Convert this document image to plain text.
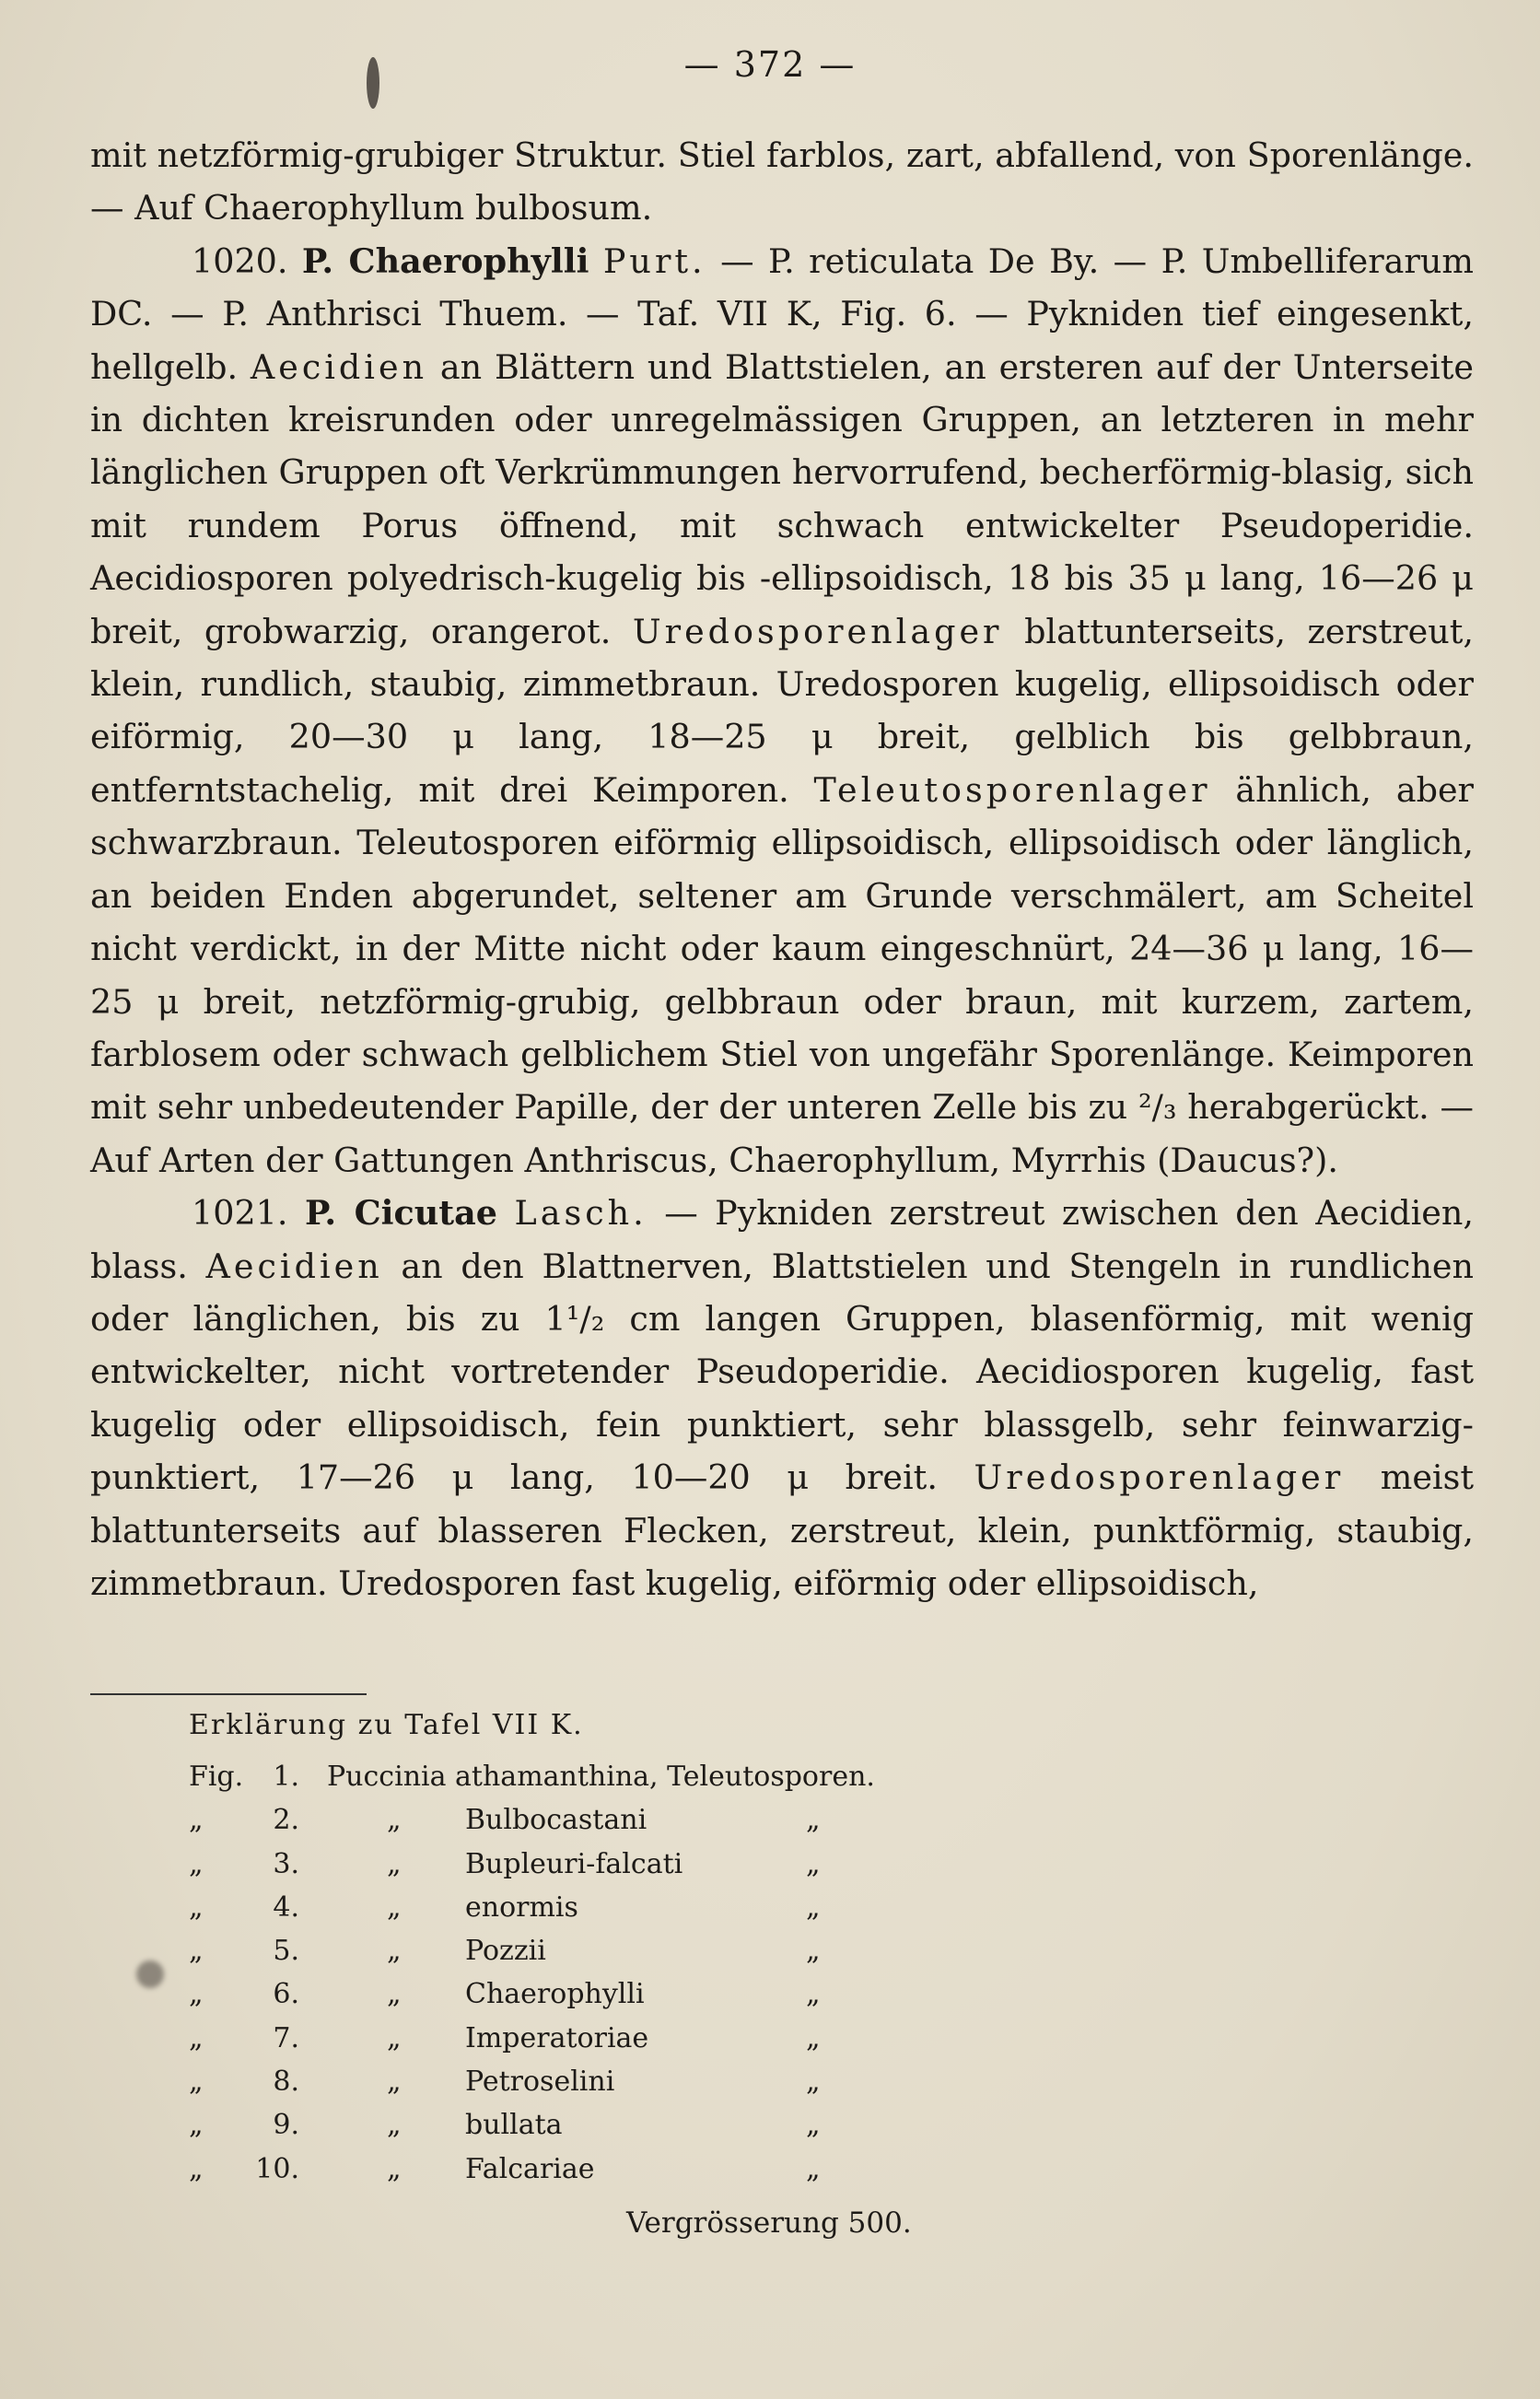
— 372 —

mit netzförmig-grubiger Struktur. Stiel farblos, zart, abfallend, von Sporenlänge. — Auf Chaerophyllum bulbosum.

1020. P. Chaerophylli Purt. — P. reticulata De By. — P. Umbelliferarum DC. — P. Anthrisci Thuem. — Taf. VII K, Fig. 6. — Pykniden tief eingesenkt, hellgelb. Aecidien an Blättern und Blattstielen, an ersteren auf der Unterseite in dichten kreisrunden oder unregelmässigen Gruppen, an letzteren in mehr länglichen Gruppen oft Verkrümmungen hervorrufend, becherförmig-blasig, sich mit rundem Porus öffnend, mit schwach entwickelter Pseudoperidie. Aecidiosporen polyedrisch-kugelig bis -ellipsoidisch, 18 bis 35 μ lang, 16—26 μ breit, grobwarzig, orangerot. Uredosporenlager blattunterseits, zerstreut, klein, rundlich, staubig, zimmetbraun. Uredosporen kugelig, ellipsoidisch oder eiförmig, 20—30 μ lang, 18—25 μ breit, gelblich bis gelbbraun, entferntstachelig, mit drei Keimporen. Teleutosporenlager ähnlich, aber schwarzbraun. Teleutosporen eiförmig ellipsoidisch, ellipsoidisch oder länglich, an beiden Enden abgerundet, seltener am Grunde verschmälert, am Scheitel nicht verdickt, in der Mitte nicht oder kaum eingeschnürt, 24—36 μ lang, 16—25 μ breit, netzförmig-grubig, gelbbraun oder braun, mit kurzem, zartem, farblosem oder schwach gelblichem Stiel von ungefähr Sporenlänge. Keimporen mit sehr unbedeutender Papille, der der unteren Zelle bis zu ²/₃ herabgerückt. — Auf Arten der Gattungen Anthriscus, Chaerophyllum, Myrrhis (Daucus?).

1021. P. Cicutae Lasch. — Pykniden zerstreut zwischen den Aecidien, blass. Aecidien an den Blattnerven, Blattstielen und Stengeln in rundlichen oder länglichen, bis zu 1¹/₂ cm langen Gruppen, blasenförmig, mit wenig entwickelter, nicht vortretender Pseudoperidie. Aecidiosporen kugelig, fast kugelig oder ellipsoidisch, fein punktiert, sehr blassgelb, sehr feinwarzig-punktiert, 17—26 μ lang, 10—20 μ breit. Uredosporenlager meist blattunterseits auf blasseren Flecken, zerstreut, klein, punktförmig, staubig, zimmetbraun. Uredosporen fast kugelig, eiförmig oder ellipsoidisch,

Erklärung zu Tafel VII K.
Fig.	1. Puccinia athamanthina, Teleutosporen.
„	2.	„ Bulbocastani	„
„	3.	„ Bupleuri-falcati	„
„	4.	„ enormis	„
„	5.	„ Pozzii	„
„	6.	„ Chaerophylli	„
„	7.	„ Imperatoriae	„
„	8.	„ Petroselini	„
„	9.	„ bullata	„
„	10.	„ Falcariae	„
Vergrösserung 500.
